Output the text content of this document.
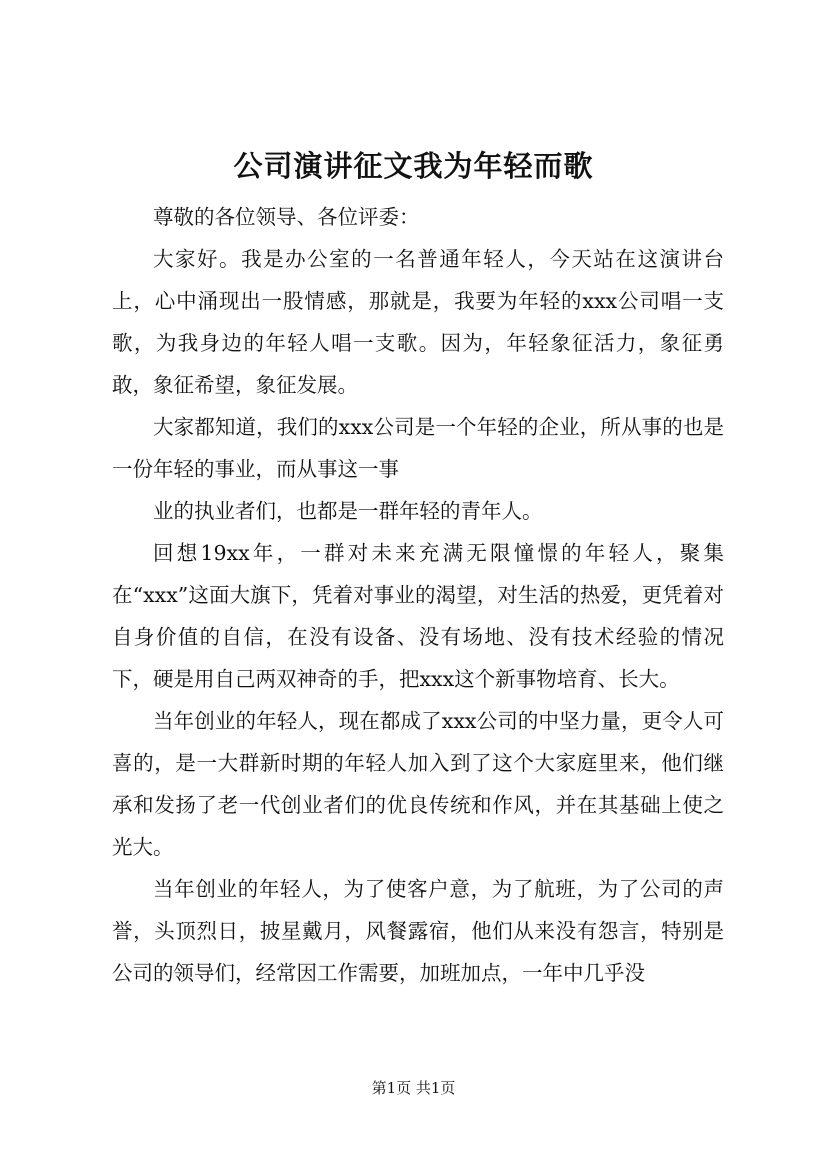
公司演讲征文我为年轻而歌

尊敬的各位领导、各位评委：

大家好。我是办公室的一名普通年轻人，今天站在这演讲台上，心中涌现出一股情感，那就是，我要为年轻的xxx公司唱一支歌，为我身边的年轻人唱一支歌。因为，年轻象征活力，象征勇敢，象征希望，象征发展。

大家都知道，我们的xxx公司是一个年轻的企业，所从事的也是一份年轻的事业，而从事这一事

业的执业者们，也都是一群年轻的青年人。

回想19xx年，一群对未来充满无限憧憬的年轻人，聚集在“xxx”这面大旗下，凭着对事业的渴望，对生活的热爱，更凭着对自身价值的自信，在没有设备、没有场地、没有技术经验的情况下，硬是用自己两双神奇的手，把xxx这个新事物培育、长大。

当年创业的年轻人，现在都成了xxx公司的中坚力量，更令人可喜的，是一大群新时期的年轻人加入到了这个大家庭里来，他们继承和发扬了老一代创业者们的优良传统和作风，并在其基础上使之光大。

当年创业的年轻人，为了使客户意，为了航班，为了公司的声誉，头顶烈日，披星戴月，风餐露宿，他们从来没有怨言，特别是公司的领导们，经常因工作需要，加班加点，一年中几乎没

第1页 共1页
